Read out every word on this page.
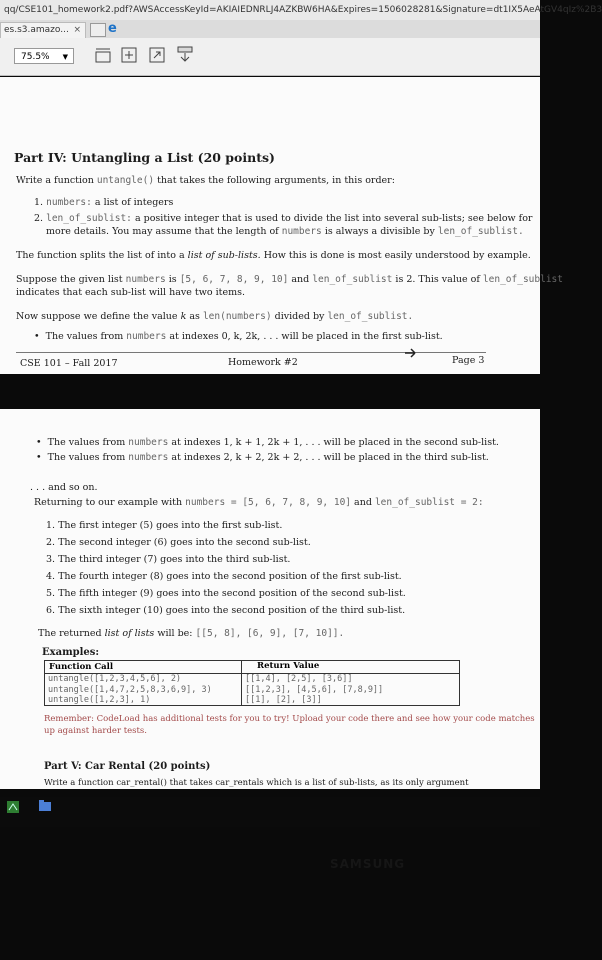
qq/CSE101_homework2.pdf?AWSAccessKeyId=AKIAIEDNRLJ4AZKBW6HA&Expires=1506028281&Signature=dt1IX5AeAtGV4qIz%2B3
es.s3.amazo... × e
75.5% ▼
Part IV: Untangling a List (20 points)
Write a function untangle() that takes the following arguments, in this order:
1. numbers: a list of integers
2. len_of_sublist: a positive integer that is used to divide the list into several sub-lists; see below for
more details. You may assume that the length of numbers is always a divisible by len_of_sublist.
The function splits the list of into a list of sub-lists. How this is done is most easily understood by example.
Suppose the given list numbers is [5, 6, 7, 8, 9, 10] and len_of_sublist is 2. This value of len_of_sublist
indicates that each sub-list will have two items.
Now suppose we define the value k as len(numbers) divided by len_of_sublist.
• The values from numbers at indexes 0, k, 2k, . . . will be placed in the first sub-list.
CSE 101 – Fall 2017	Homework #2	Page 3
• The values from numbers at indexes 1, k + 1, 2k + 1, . . . will be placed in the second sub-list.
• The values from numbers at indexes 2, k + 2, 2k + 2, . . . will be placed in the third sub-list.
. . . and so on.
Returning to our example with numbers = [5, 6, 7, 8, 9, 10] and len_of_sublist = 2:
1. The first integer (5) goes into the first sub-list.
2. The second integer (6) goes into the second sub-list.
3. The third integer (7) goes into the third sub-list.
4. The fourth integer (8) goes into the second position of the first sub-list.
5. The fifth integer (9) goes into the second position of the second sub-list.
6. The sixth integer (10) goes into the second position of the third sub-list.
The returned list of lists will be: [[5, 8], [6, 9], [7, 10]].
Examples:
Function Call	Return Value
untangle([1,2,3,4,5,6], 2)	[[1,4], [2,5], [3,6]]
untangle([1,4,7,2,5,8,3,6,9], 3)	[[1,2,3], [4,5,6], [7,8,9]]
untangle([1,2,3], 1)	[[1], [2], [3]]
Remember: CodeLoad has additional tests for you to try! Upload your code there and see how your code matches
up against harder tests.
Part V: Car Rental (20 points)
Write a function car_rental() that takes car_rentals which is a list of sub-lists, as its only argument
SAMSUNG
